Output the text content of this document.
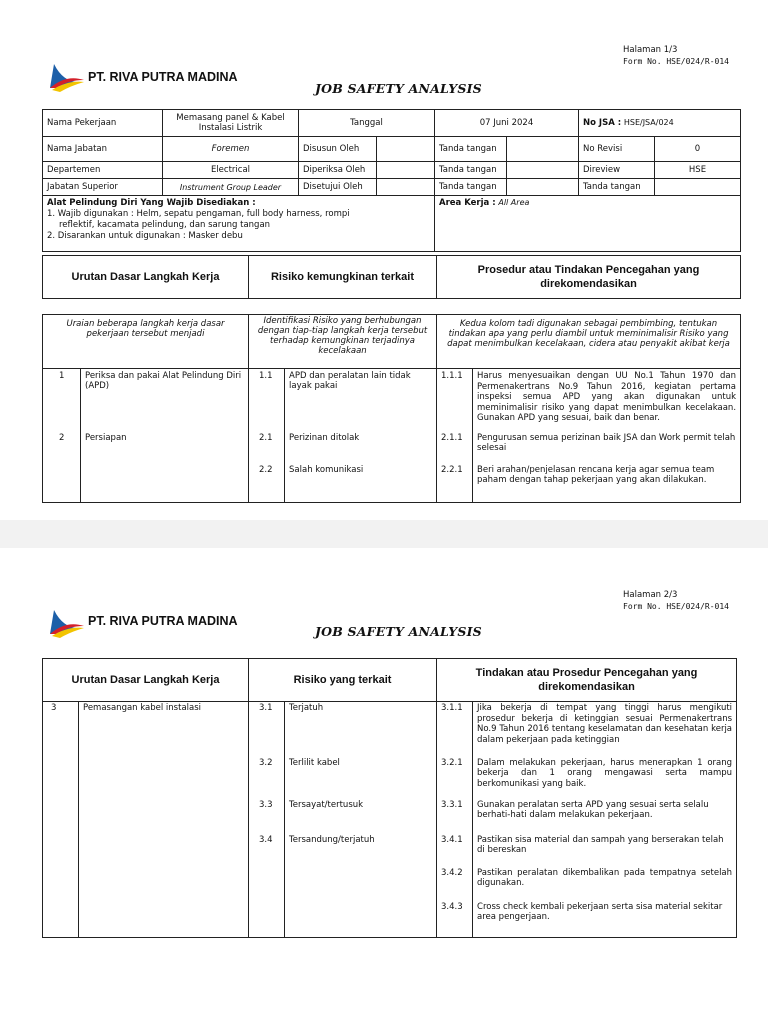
Halaman 1/3
Form No. HSE/024/R-014
PT. RIVA PUTRA MADINA
JOB SAFETY ANALYSIS
Nama Pekerjaan	Memasang panel & Kabel Instalasi Listrik	Tanggal		07 Juni 2024		No JSA : HSE/JSA/024	
Nama Jabatan	Foremen	Disusun Oleh		Tanda tangan		No Revisi	0
Departemen	Electrical	Diperiksa Oleh		Tanda tangan		Direview	HSE
Jabatan Superior	Instrument Group Leader	Disetujui Oleh		Tanda tangan		Tanda tangan	

Alat Pelindung Diri Yang Wajib Disediakan :
1. Wajib digunakan : Helm, sepatu pengaman, full body harness, rompi
reflektif, kacamata pelindung, dan sarung tangan
2. Disarankan untuk digunakan : Masker debu				Area Kerja : All Area			
Urutan Dasar Langkah Kerja	Risiko kemungkinan terkait	
Prosedur atau Tindakan Pencegahan yang
direkomendasikan
Uraian beberapa langkah kerja dasar pekerjaan tersebut menjadi		Identifikasi Risiko yang berhubungan dengan tiap-tiap langkah kerja tersebut terhadap kemungkinan terjadinya kecelakaan		Kedua kolom tadi digunakan sebagai pembimbing, tentukan tindakan apa yang perlu diambil untuk meminimalisir Risiko yang dapat menimbulkan kecelakaan, cidera atau penyakit akibat kerja	
1	Periksa dan pakai Alat Pelindung Diri (APD)	1.1	APD dan peralatan lain tidak layak pakai	1.1.1	Harus menyesuaikan dengan UU No.1 Tahun 1970 dan Permenakertrans No.9 Tahun 2016, kegiatan pertama inspeksi semua APD yang akan digunakan untuk meminimalisir risiko yang dapat menimbulkan kecelakaan. Gunakan APD yang sesuai, baik dan benar.
2	Persiapan	2.1	Perizinan ditolak	2.1.1	Pengurusan semua perizinan baik JSA dan Work permit telah selesai
		2.2	Salah komunikasi	2.2.1	Beri arahan/penjelasan rencana kerja agar semua team paham dengan tahap pekerjaan yang akan dilakukan.
Halaman 2/3
Form No. HSE/024/R-014
PT. RIVA PUTRA MADINA
JOB SAFETY ANALYSIS
Urutan Dasar Langkah Kerja		Risiko yang terkait		Tindakan atau Prosedur Pencegahan yang
direkomendasikan	

3	Pemasangan kabel instalasi	3.1	Terjatuh	3.1.1	Jika bekerja di tempat yang tinggi harus mengikuti prosedur bekerja di ketinggian sesuai Permenakertrans No.9 Tahun 2016 tentang keselamatan dan kesehatan kerja dalam pekerjaan pada ketinggian
		3.2	Terlilit kabel	3.2.1	Dalam melakukan pekerjaan, harus menerapkan 1 orang bekerja dan 1 orang mengawasi serta mampu berkomunikasi yang baik.
		3.3	Tersayat/tertusuk	3.3.1	Gunakan peralatan serta APD yang sesuai serta selalu berhati-hati dalam melakukan pekerjaan.
		3.4	Tersandung/terjatuh	3.4.1	Pastikan sisa material dan sampah yang berserakan telah di bereskan
				3.4.2	Pastikan peralatan dikembalikan pada tempatnya setelah digunakan.
				3.4.3	Cross check kembali pekerjaan serta sisa material sekitar area pengerjaan.
